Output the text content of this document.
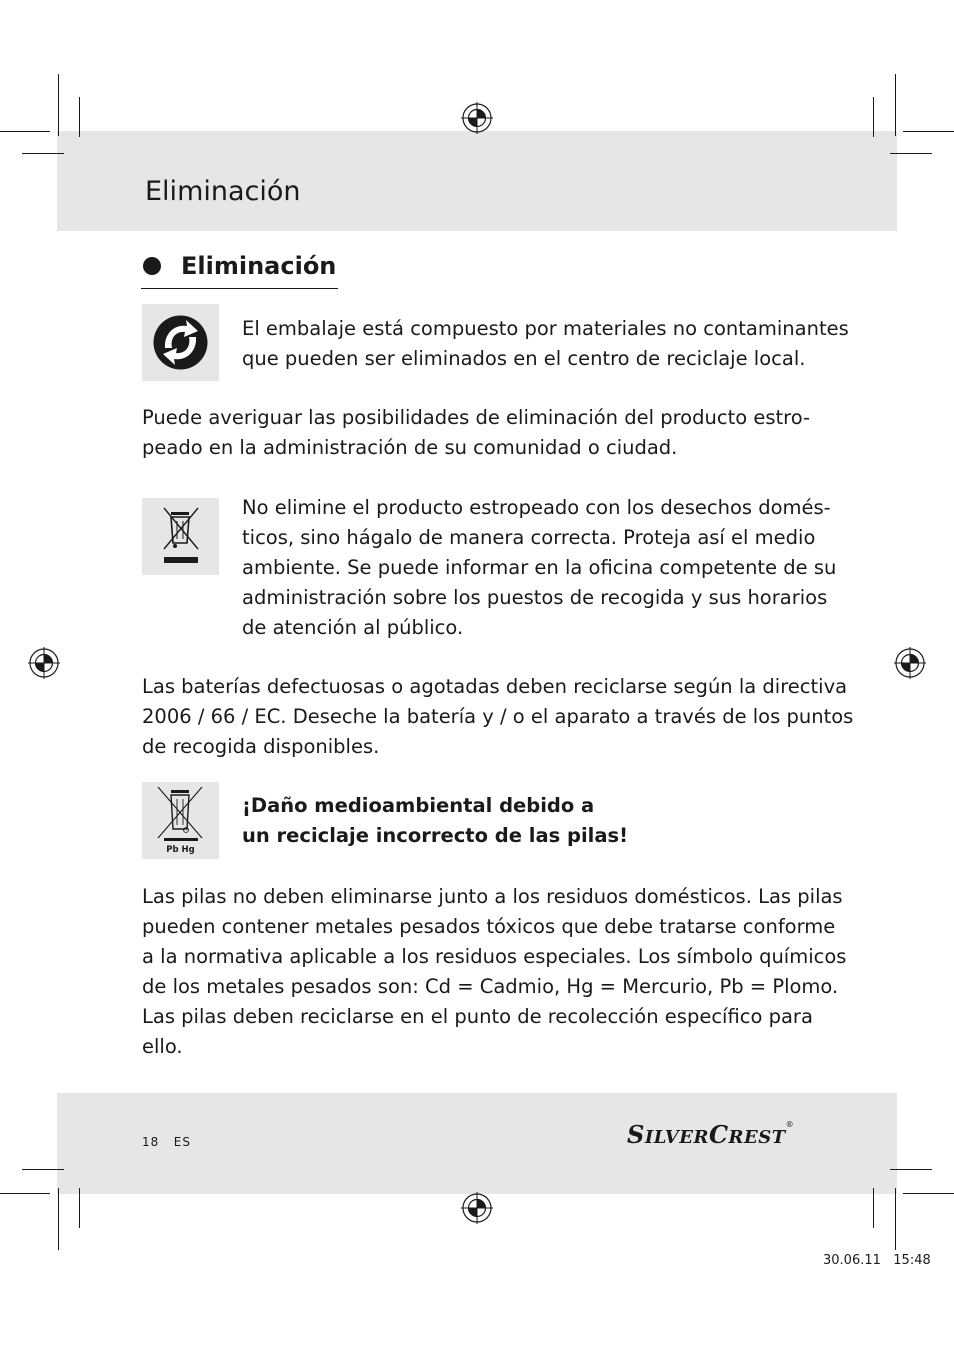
Eliminación
Eliminación

El embalaje está compuesto por materiales no contaminantes
que pueden ser eliminados en el centro de reciclaje local.

Puede averiguar las posibilidades de eliminación del producto estro-
peado en la administración de su comunidad o ciudad.

No elimine el producto estropeado con los desechos domés-
ticos, sino hágalo de manera correcta. Proteja así el medio
ambiente. Se puede informar en la oficina competente de su
administración sobre los puestos de recogida y sus horarios
de atención al público.

Las baterías defectuosas o agotadas deben reciclarse según la directiva
2006 / 66 / EC. Deseche la batería y / o el aparato a través de los puntos
de recogida disponibles.

Pb Hg

¡Daño medioambiental debido a
un reciclaje incorrecto de las pilas!

Las pilas no deben eliminarse junto a los residuos domésticos. Las pilas
pueden contener metales pesados tóxicos que debe tratarse conforme
a la normativa aplicable a los residuos especiales. Los símbolo químicos
de los metales pesados son: Cd = Cadmio, Hg = Mercurio, Pb = Plomo.
Las pilas deben reciclarse en el punto de recolección específico para
ello.

18 ES	SILVERCREST®
30.06.11   15:48
